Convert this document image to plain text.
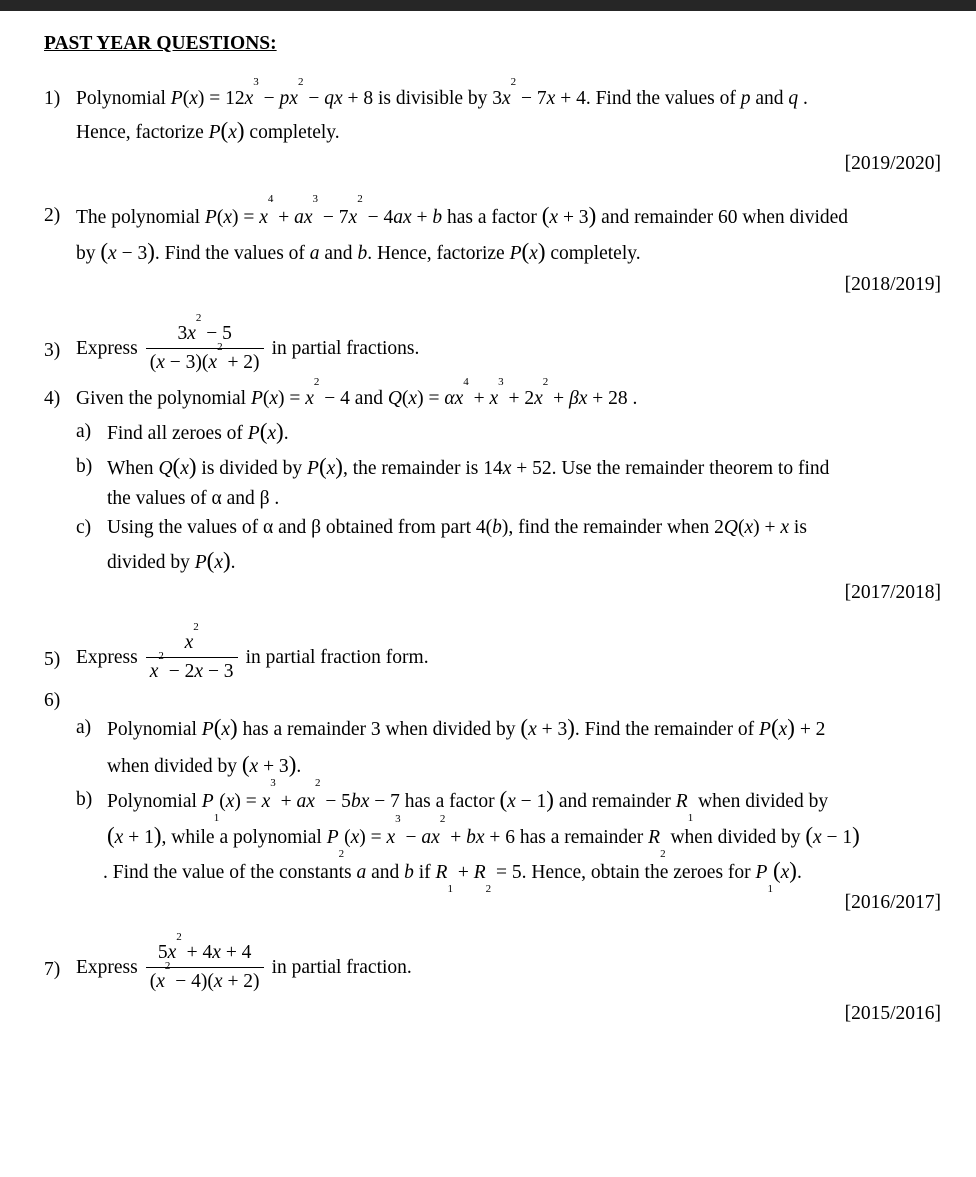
PAST YEAR QUESTIONS:
1) Polynomial $P(x) = 12x^3 - px^2$ − qx + 8 is divisible by $3x^2 - 7x + 4$. Find the values of p and q .
Hence, factorize P(x) completely.
[2019/2020]
2) The polynomial $P(x) = x^4 + ax^3 - 7x^2 - 4ax + b$ has a factor (x + 3) and remainder 60 when divided
by (x − 3). Find the values of a and b. Hence, factorize P(x) completely.
[2018/2019]
3) Express $\frac{3x^2 - 5}{(x - 3)(x^2 + 2)}$ in partial fractions.
4) Given the polynomial $P(x) = x^2 - 4$ and $Q(x) = \alpha x^4 + x^3 + 2x^2 + \beta x + 28$ .
a) Find all zeroes of P(x).
b) When Q(x) is divided by P(x), the remainder is 14x + 52. Use the remainder theorem to find
the values of α and β .
c) Using the values of α and β obtained from part 4(b), find the remainder when 2Q(x) + x is
divided by P(x).
[2017/2018]
5) Express $\frac{x^2}{x^2 - 2x - 3}$ in partial fraction form.
6)
a) Polynomial P(x) has a remainder 3 when divided by (x + 3). Find the remainder of P(x) + 2
when divided by (x + 3).
b) Polynomial $P_1(x) = x^3 + ax^2 - 5bx - 7$ has a factor (x − 1) and remainder $R_1$ when divided by
(x + 1), while a polynomial $P_2(x) = x^3 - ax^2$ + bx + 6 has a remainder $R_2$ when divided by (x − 1)
. Find the value of the constants a and b if $R_1 + R_2 = 5$. Hence, obtain the zeroes for $P_1(x)$.
[2016/2017]
7) Express $\frac{5x^2 + 4x + 4}{(x^2 - 4)(x + 2)}$ in partial fraction.
[2015/2016]
